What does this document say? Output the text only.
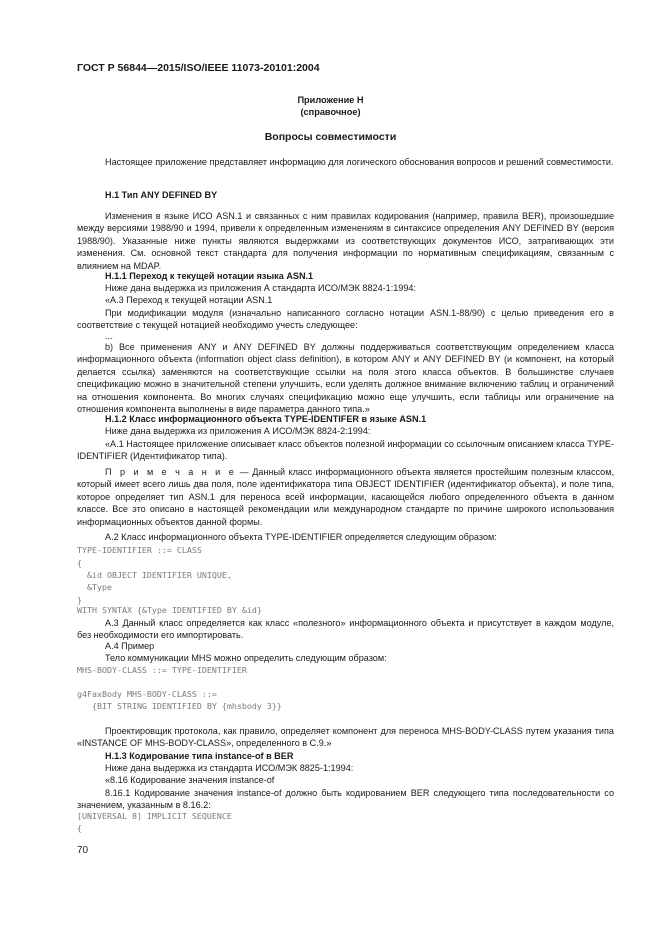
ГОСТ Р 56844—2015/ISO/IEEE 11073-20101:2004
Приложение Н
(справочное)
Вопросы совместимости
Настоящее приложение представляет информацию для логического обоснования вопросов и решений совместимости.
Н.1 Тип ANY DEFINED BY
Изменения в языке ИСО ASN.1 и связанных с ним правилах кодирования (например, правила BER), произошедшие между версиями 1988/90 и 1994, привели к определенным изменениям в синтаксисе определения ANY DEFINED BY (версия 1988/90). Указанные ниже пункты являются выдержками из соответствующих документов ИСО, затрагивающих эти изменения. См. основной текст стандарта для получения информации по нормативным спецификациям, связанным с влиянием на MDAP.
Н.1.1 Переход к текущей нотации языка ASN.1
Ниже дана выдержка из приложения А стандарта ИСО/МЭК 8824-1:1994:
«А.3 Переход к текущей нотации ASN.1
При модификации модуля (изначально написанного согласно нотации ASN.1-88/90) с целью приведения его в соответствие с текущей нотацией необходимо учесть следующее:
...
b) Все применения ANY и ANY DEFINED BY должны поддерживаться соответствующим определением класса информационного объекта (information object class definition), в котором ANY и ANY DEFINED BY (и компонент, на который делается ссылка) заменяются на соответствующие ссылки на поля этого класса объектов. В большинстве случаев спецификацию можно в значительной степени улучшить, если уделять должное внимание включению таблиц и ограничений на отношения компонента. Во многих случаях спецификацию можно еще улучшить, если таблицы или ограничение на отношения компонента выполнены в виде параметра данного типа.»
Н.1.2 Класс информационного объекта TYPE-IDENTIFER в языке ASN.1
Ниже дана выдержка из приложения А ИСО/МЭК 8824-2:1994:
«А.1 Настоящее приложение описывает класс объектов полезной информации со ссылочным описанием класса TYPE-IDENTIFIER (Идентификатор типа).
П р и м е ч а н и е — Данный класс информационного объекта является простейшим полезным классом, который имеет всего лишь два поля, поле идентификатора типа OBJECT IDENTIFIER (идентификатор объекта), и поле типа, которое определяет тип ASN.1 для переноса всей информации, касающейся любого определенного объекта в данном классе. Все это описано в настоящей рекомендации или международном стандарте по причине широкого использования информационных объектов данной формы.
А.2 Класс информационного объекта TYPE-IDENTIFIER определяется следующим образом:
TYPE-IDENTIFIER ::= CLASS
{
&id OBJECT IDENTIFIER UNIQUE,
&Type
}
WITH SYNTAX {&Type IDENTIFIED BY &id}
А.3 Данный класс определяется как класс «полезного» информационного объекта и присутствует в каждом модуле, без необходимости его импортировать.
А.4 Пример
Тело коммуникации MHS можно определить следующим образом:
MHS-BODY-CLASS ::= TYPE-IDENTIFIER
g4FaxBody MHS-BODY-CLASS ::=
{BIT STRING IDENTIFIED BY {mhsbody 3}}
Проектировщик протокола, как правило, определяет компонент для переноса MHS-BODY-CLASS путем указания типа «INSTANCE OF MHS-BODY-CLASS», определенного в С.9.»
Н.1.3 Кодирование типа instance-of в BER
Ниже дана выдержка из стандарта ИСО/МЭК 8825-1:1994:
«8.16 Кодирование значения instance-of
8.16.1 Кодирование значения instance-of должно быть кодированием BER следующего типа последовательности со значением, указанным в 8.16.2:
[UNIVERSAL 8] IMPLICIT SEQUENCE
{
70
